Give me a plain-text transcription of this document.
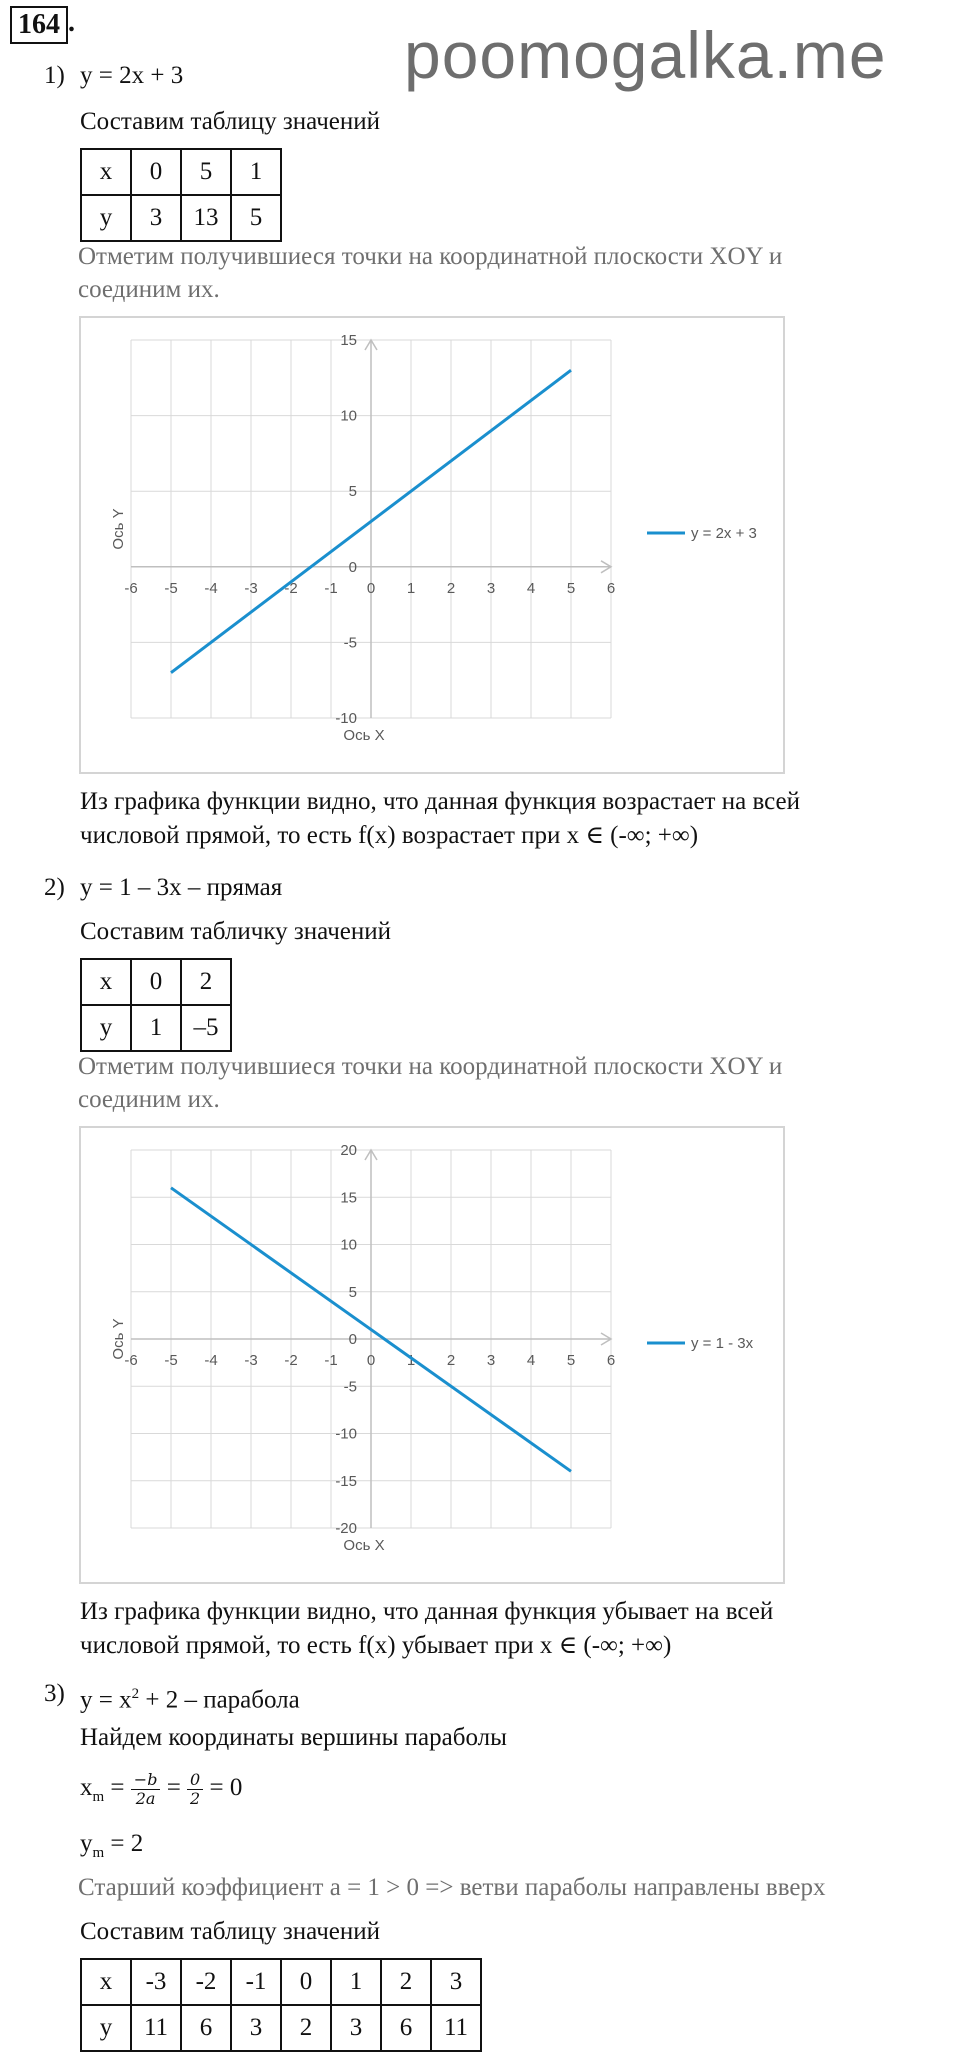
164 .	poomogalka.me
1) y = 2x + 3
Составим таблицу значений
x	0	5	1
y	3	13	5
Отметим получившиеся точки на координатной плоскости XOY и
соединим их.
-6 -5 -4 -3 -2 -1 0 1 2 3 4 5 6
-10
-5
0
5
10
15
Ось X
Ось Y	y = 2x + 3
Из графика функции видно, что данная функция возрастает на всей
числовой прямой, то есть f(x) возрастает при x ∈ (-∞; +∞)
2) y = 1 – 3x – прямая
Составим табличку значений
x	0	2
y	1	–5
Отметим получившиеся точки на координатной плоскости XOY и
соединим их.
-6 -5 -4 -3 -2 -1 0 1 2 3 4 5 6
-20
-15
-10
-5
0
5
10
15
20
Ось X
Ось Y	y = 1 - 3x
Из графика функции видно, что данная функция убывает на всей
числовой прямой, то есть f(x) убывает при x ∈ (-∞; +∞)
3) $y = x^2 + 2$ – парабола
Найдем координаты вершины параболы
$x_m = \frac{-b}{2a} = \frac{0}{2} = 0$
$y_m = 2$
Старший коэффициент a = 1 > 0 => ветви параболы направлены вверх
Составим таблицу значений
x	-3	-2	-1	0	1	2	3
y	11	6	3	2	3	6	11
